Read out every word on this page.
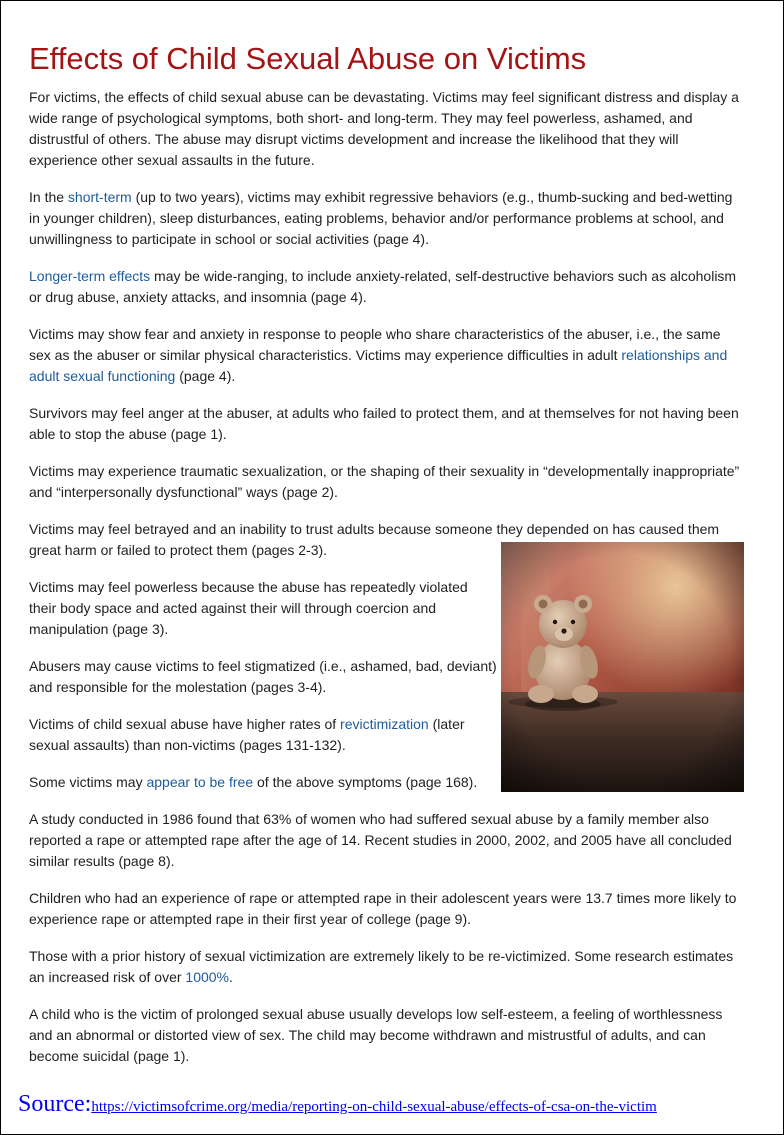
Effects of Child Sexual Abuse on Victims

For victims, the effects of child sexual abuse can be devastating. Victims may feel significant distress and display a wide range of psychological symptoms, both short- and long-term. They may feel powerless, ashamed, and distrustful of others. The abuse may disrupt victims development and increase the likelihood that they will experience other sexual assaults in the future.

In the short-term (up to two years), victims may exhibit regressive behaviors (e.g., thumb-sucking and bed-wetting in younger children), sleep disturbances, eating problems, behavior and/or performance problems at school, and unwillingness to participate in school or social activities (page 4).

Longer-term effects may be wide-ranging, to include anxiety-related, self-destructive behaviors such as alcoholism or drug abuse, anxiety attacks, and insomnia (page 4).

Victims may show fear and anxiety in response to people who share characteristics of the abuser, i.e., the same sex as the abuser or similar physical characteristics. Victims may experience difficulties in adult relationships and adult sexual functioning (page 4).

Survivors may feel anger at the abuser, at adults who failed to protect them, and at themselves for not having been able to stop the abuse (page 1).

Victims may experience traumatic sexualization, or the shaping of their sexuality in “developmentally inappropriate” and “interpersonally dysfunctional” ways (page 2).

Victims may feel betrayed and an inability to trust adults because someone they depended on has caused them
great harm or failed to protect them (pages 2-3).

Victims may feel powerless because the abuse has repeatedly violated
their body space and acted against their will through coercion and
manipulation (page 3).

Abusers may cause victims to feel stigmatized (i.e., ashamed, bad, deviant)
and responsible for the molestation (pages 3-4).

Victims of child sexual abuse have higher rates of revictimization (later
sexual assaults) than non-victims (pages 131-132).

Some victims may appear to be free of the above symptoms (page 168).

A study conducted in 1986 found that 63% of women who had suffered sexual abuse by a family member also reported a rape or attempted rape after the age of 14. Recent studies in 2000, 2002, and 2005 have all concluded similar results (page 8).

Children who had an experience of rape or attempted rape in their adolescent years were 13.7 times more likely to experience rape or attempted rape in their first year of college (page 9).

Those with a prior history of sexual victimization are extremely likely to be re-victimized. Some research estimates an increased risk of over 1000%.

A child who is the victim of prolonged sexual abuse usually develops low self-esteem, a feeling of worthlessness and an abnormal or distorted view of sex. The child may become withdrawn and mistrustful of adults, and can become suicidal (page 1).

Source:https://victimsofcrime.org/media/reporting-on-child-sexual-abuse/effects-of-csa-on-the-victim
